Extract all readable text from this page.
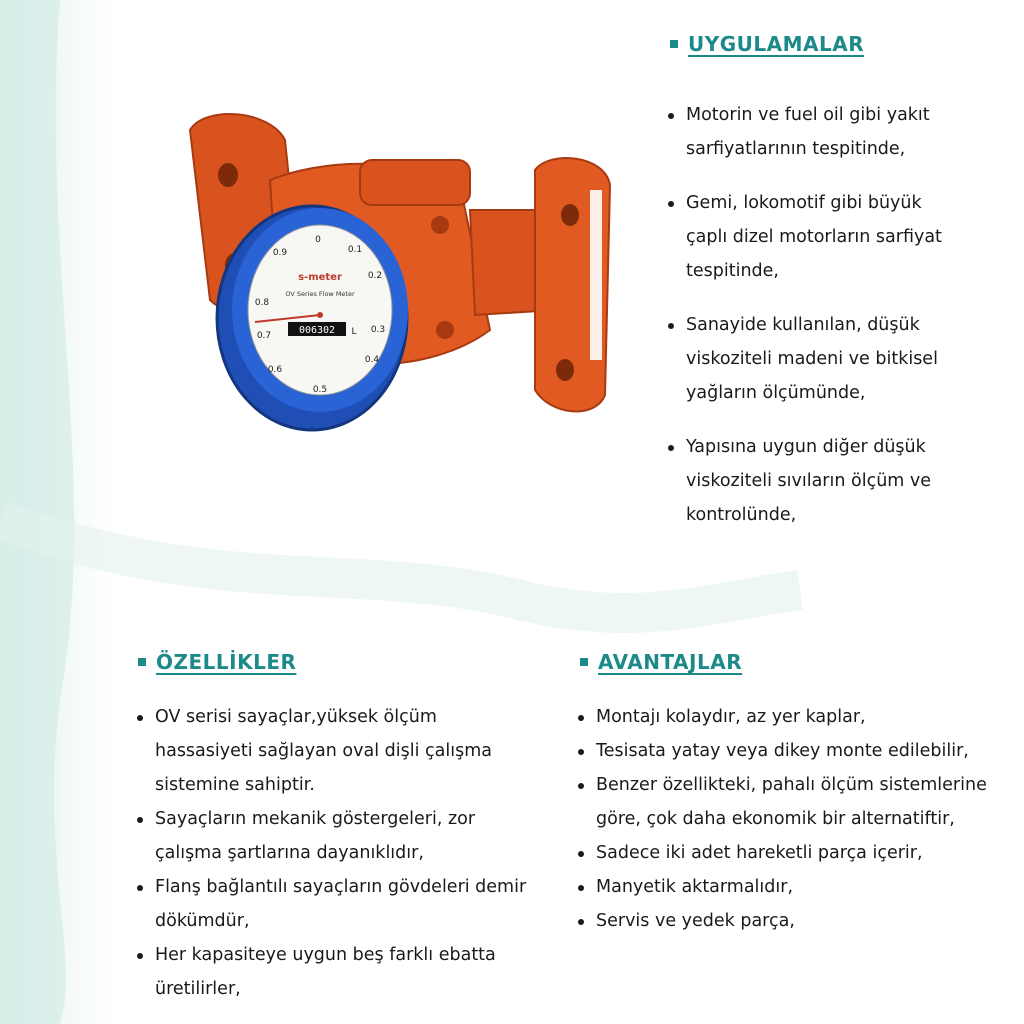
0
0.1
0.2
0.3
0.4
0.5
0.6
0.7
0.8
0.9
s-meter
OV Series Flow Meter
006302 L
UYGULAMALAR
Motorin ve fuel oil gibi yakıt sarfiyatlarının tespitinde,
Gemi, lokomotif gibi büyük çaplı dizel motorların sarfiyat tespitinde,
Sanayide kullanılan, düşük viskoziteli madeni ve bitkisel yağların ölçümünde,
Yapısına uygun diğer düşük viskoziteli sıvıların ölçüm ve kontrolünde,
ÖZELLİKLER
OV serisi sayaçlar,yüksek ölçüm hassasiyeti sağlayan oval dişli çalışma sistemine sahiptir.
Sayaçların mekanik göstergeleri, zor çalışma şartlarına dayanıklıdır,
Flanş bağlantılı sayaçların gövdeleri demir dökümdür,
Her kapasiteye uygun beş farklı ebatta üretilirler,
AVANTAJLAR
Montajı kolaydır, az yer kaplar,
Tesisata yatay veya dikey monte edilebilir,
Benzer özellikteki, pahalı ölçüm sistemlerine göre, çok daha ekonomik bir alternatiftir,
Sadece iki adet hareketli parça içerir,
Manyetik aktarmalıdır,
Servis ve yedek parça,
